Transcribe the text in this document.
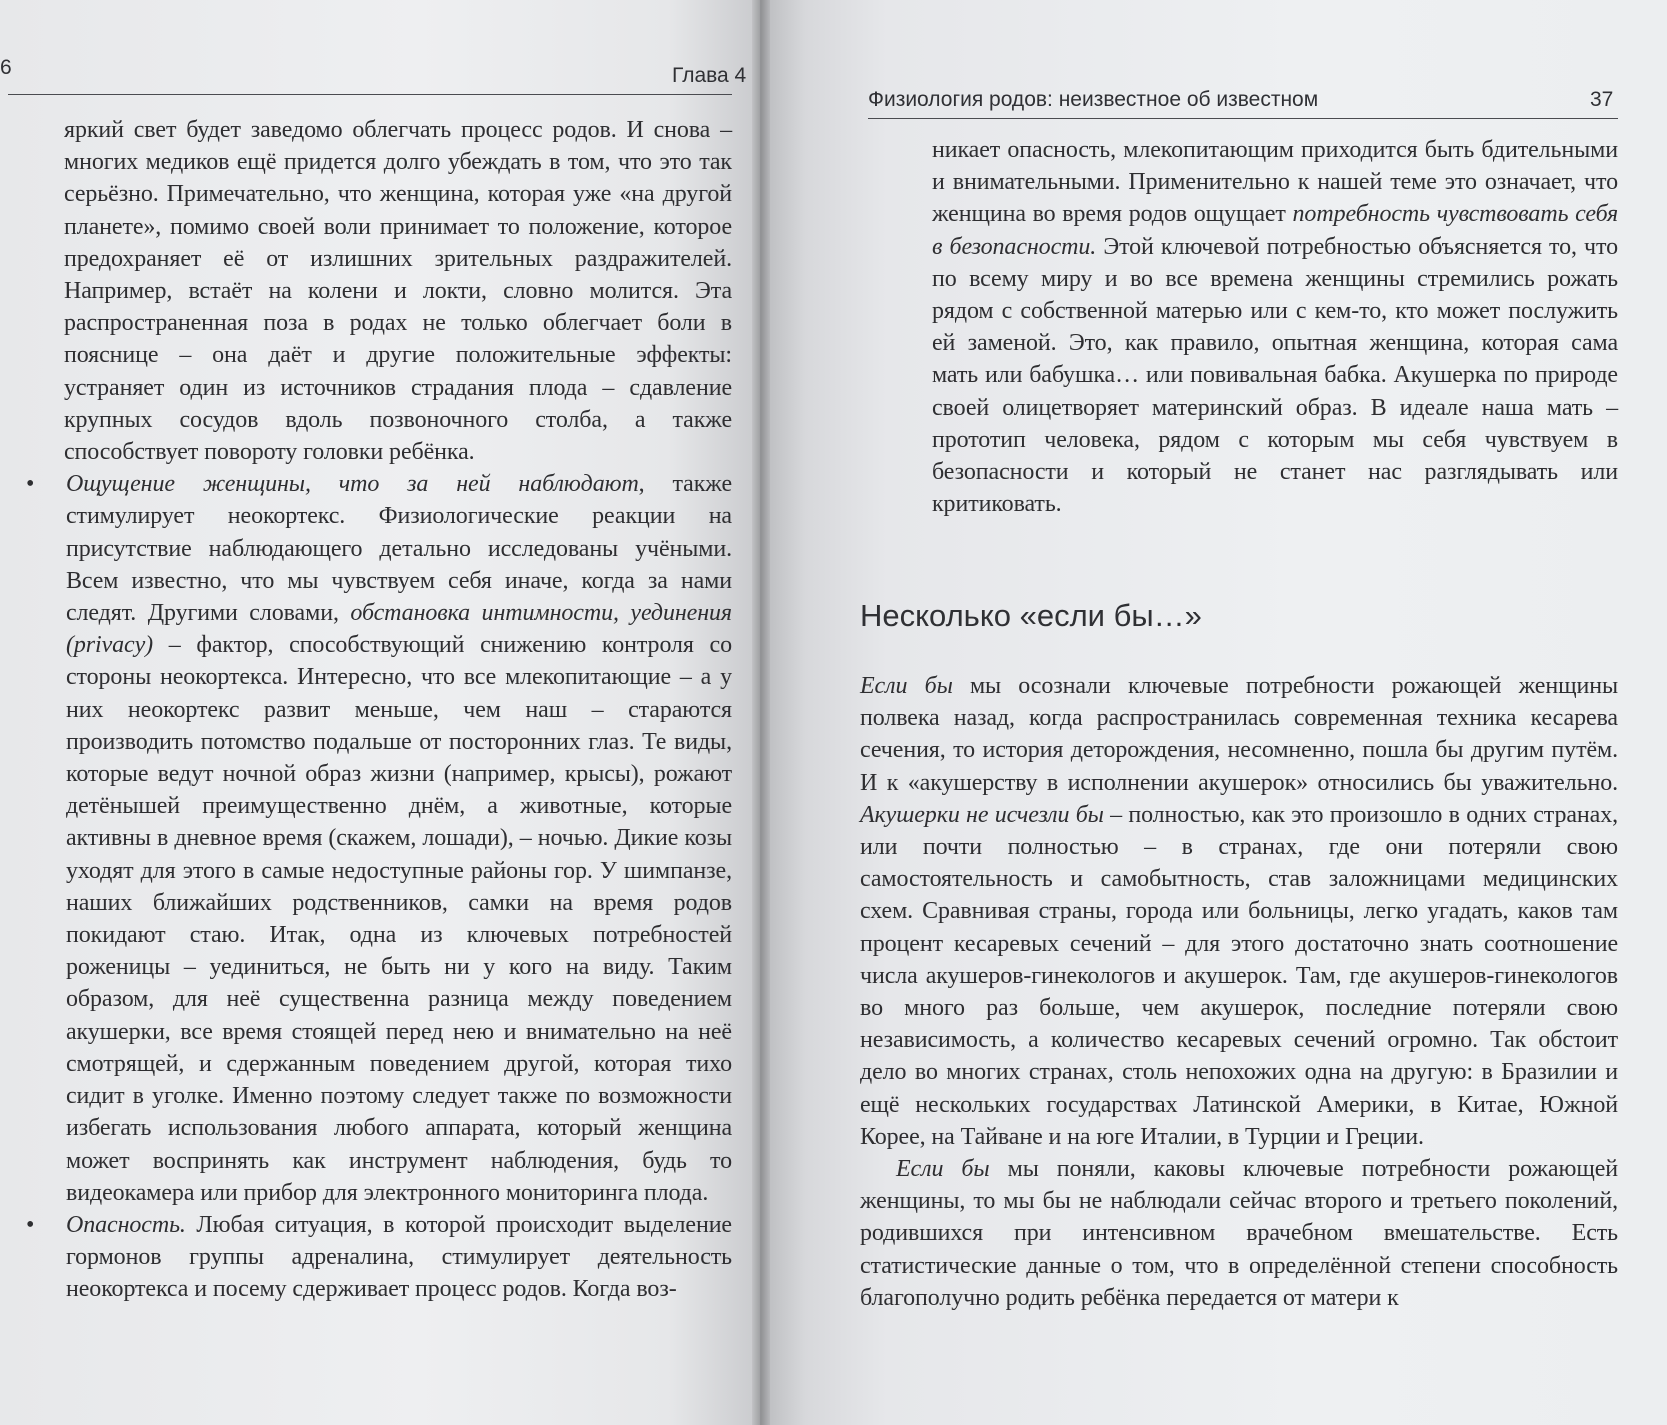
6	Глава 4

яркий свет будет заведомо облегчать процесс родов. И снова – многих медиков ещё придется долго убеждать в том, что это так серьёзно. Примечательно, что женщина, которая уже «на другой планете», помимо своей воли принимает то положение, которое предохраняет её от излишних зрительных раздражителей. Например, встаёт на колени и локти, словно молится. Эта распространенная поза в родах не только облегчает боли в пояснице – она даёт и другие положительные эффекты: устраняет один из источников страдания плода – сдавление крупных сосудов вдоль позвоночного столба, а также способствует повороту головки ребёнка.

•	Ощущение женщины, что за ней наблюдают, также стимулирует неокортекс. Физиологические реакции на присутствие наблюдающего детально исследованы учёными. Всем известно, что мы чувствуем себя иначе, когда за нами следят. Другими словами, обстановка интимности, уединения (privacy) – фактор, способствующий снижению контроля со стороны неокортекса. Интересно, что все млекопитающие – а у них неокортекс развит меньше, чем наш – стараются производить потомство подальше от посторонних глаз. Те виды, которые ведут ночной образ жизни (например, крысы), рожают детёнышей преимущественно днём, а животные, которые активны в дневное время (скажем, лошади), – ночью. Дикие козы уходят для этого в самые недоступные районы гор. У шимпанзе, наших ближайших родственников, самки на время родов покидают стаю. Итак, одна из ключевых потребностей роженицы – уединиться, не быть ни у кого на виду. Таким образом, для неё существенна разница между поведением акушерки, все время стоящей перед нею и внимательно на неё смотрящей, и сдержанным поведением другой, которая тихо сидит в уголке. Именно поэтому следует также по возможности избегать использования любого аппарата, который женщина может воспринять как инструмент наблюдения, будь то видеокамера или прибор для электронного мониторинга плода.

•	Опасность. Любая ситуация, в которой происходит выделение гормонов группы адреналина, стимулирует деятельность неокортекса и посему сдерживает процесс родов. Когда воз-

Физиология родов: неизвестное об известном	37

никает опасность, млекопитающим приходится быть бдительными и внимательными. Применительно к нашей теме это означает, что женщина во время родов ощущает потребность чувствовать себя в безопасности. Этой ключевой потребностью объясняется то, что по всему миру и во все времена женщины стремились рожать рядом с собственной матерью или с кем-то, кто может послужить ей заменой. Это, как правило, опытная женщина, которая сама мать или бабушка… или повивальная бабка. Акушерка по природе своей олицетворяет материнский образ. В идеале наша мать – прототип человека, рядом с которым мы себя чувствуем в безопасности и который не станет нас разглядывать или критиковать.

Несколько «если бы…»

Если бы мы осознали ключевые потребности рожающей женщины полвека назад, когда распространилась современная техника кесарева сечения, то история деторождения, несомненно, пошла бы другим путём. И к «акушерству в исполнении акушерок» относились бы уважительно. Акушерки не исчезли бы – полностью, как это произошло в одних странах, или почти полностью – в странах, где они потеряли свою самостоятельность и самобытность, став заложницами медицинских схем. Сравнивая страны, города или больницы, легко угадать, каков там процент кесаревых сечений – для этого достаточно знать соотношение числа акушеров-гинекологов и акушерок. Там, где акушеров-гинекологов во много раз больше, чем акушерок, последние потеряли свою независимость, а количество кесаревых сечений огромно. Так обстоит дело во многих странах, столь непохожих одна на другую: в Бразилии и ещё нескольких государствах Латинской Америки, в Китае, Южной Корее, на Тайване и на юге Италии, в Турции и Греции.

Если бы мы поняли, каковы ключевые потребности рожающей женщины, то мы бы не наблюдали сейчас второго и третьего поколений, родившихся при интенсивном врачебном вмешательстве. Есть статистические данные о том, что в определённой степени способность благополучно родить ребёнка передается от матери к
